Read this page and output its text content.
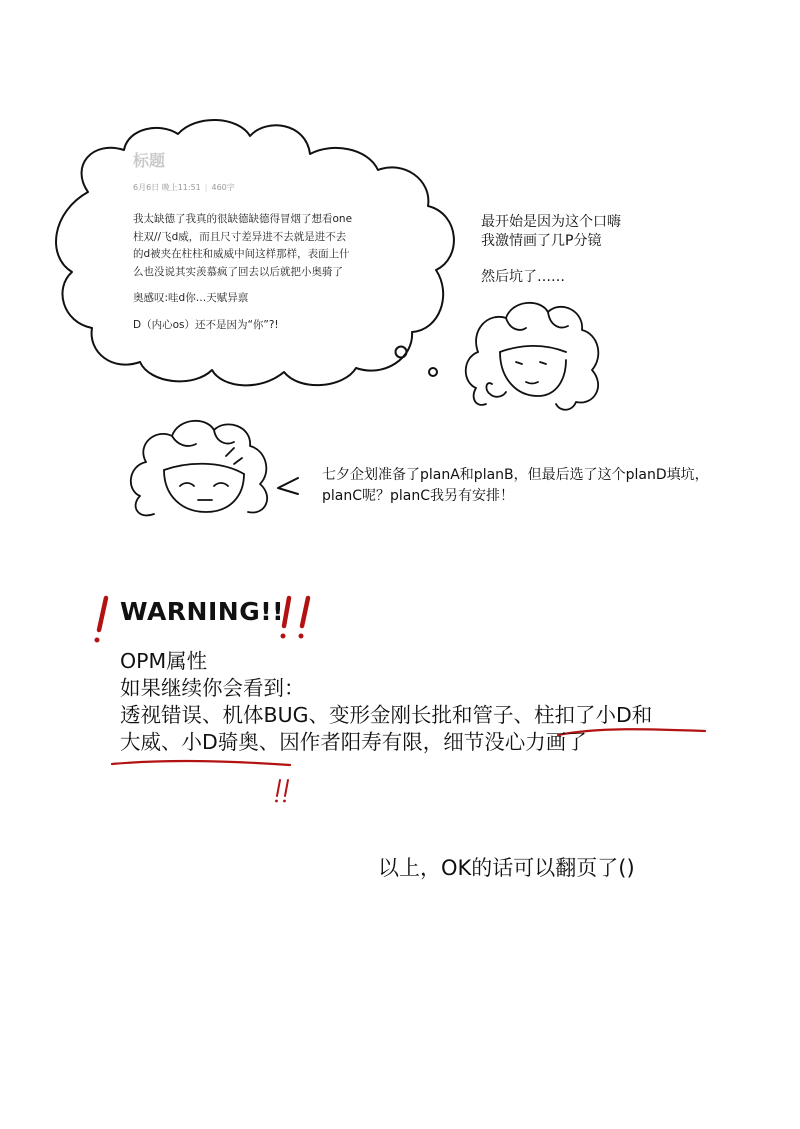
标题
6月6日 晚上11:51 | 460字

我太缺德了我真的很缺德缺德得冒烟了想看one
柱双//飞d威，而且尺寸差异进不去就是进不去
的d被夹在柱柱和威威中间这样那样，表面上什
么也没说其实羡慕疯了回去以后就把小奥骑了

奥感叹:哇d你…天赋异禀

D（内心os）还不是因为“你”?!

最开始是因为这个口嗨
我激情画了几P分镜
然后坑了……
七夕企划准备了planA和planB，但最后选了这个planD填坑，
planC呢？planC我另有安排！
WARNING!!
OPM属性
如果继续你会看到：
透视错误、机体BUG、变形金刚长批和管子、柱扣了小D和
大威、小D骑奥、因作者阳寿有限，细节没心力画了
以上，OK的话可以翻页了()
